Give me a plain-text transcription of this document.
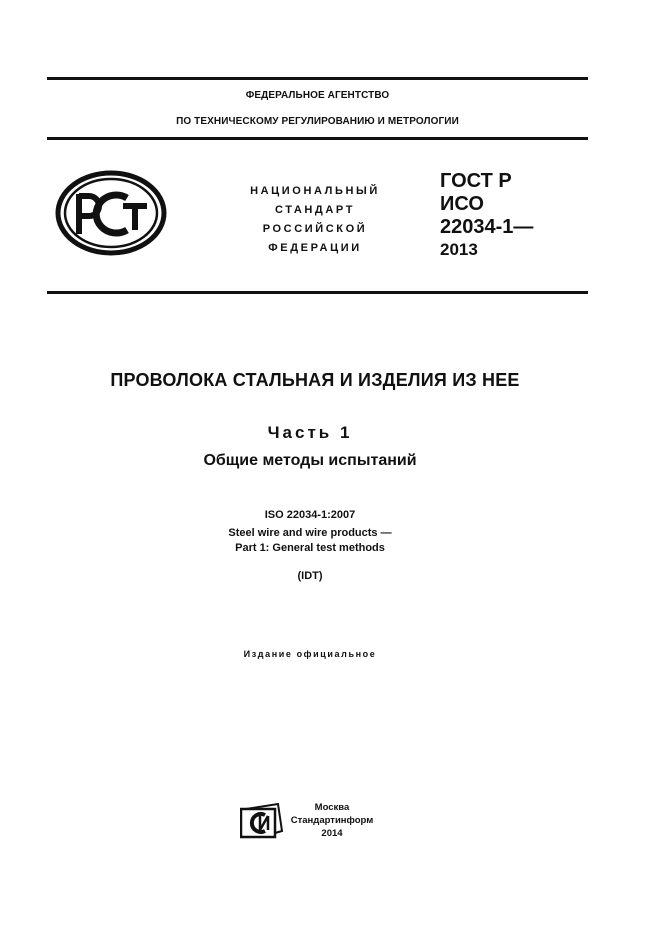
ФЕДЕРАЛЬНОЕ АГЕНТСТВО
ПО ТЕХНИЧЕСКОМУ РЕГУЛИРОВАНИЮ И МЕТРОЛОГИИ
НАЦИОНАЛЬНЫЙ
СТАНДАРТ
РОССИЙСКОЙ
ФЕДЕРАЦИИ
ГОСТ Р
ИСО
22034-1—
2013
ПРОВОЛОКА СТАЛЬНАЯ И ИЗДЕЛИЯ ИЗ НЕЕ
Часть 1
Общие методы испытаний
ISO 22034-1:2007
Steel wire and wire products —
Part 1: General test methods
(IDT)
Издание официальное
Москва
Стандартинформ
2014
